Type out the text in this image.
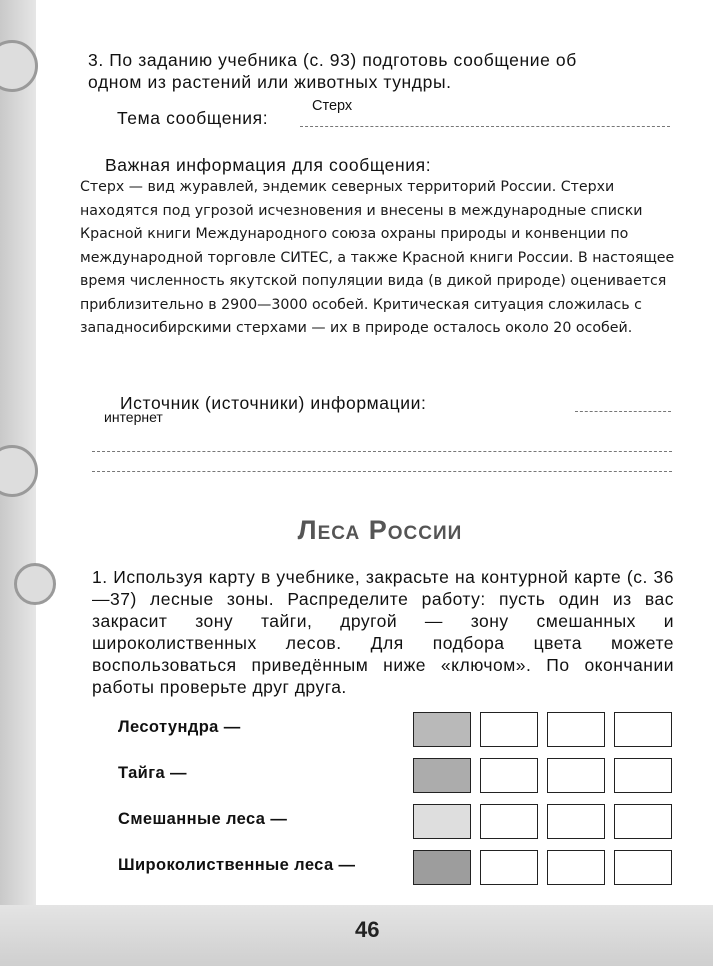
3. По заданию учебника (с. 93) подготовь сообщение об
одном из растений или животных тундры.
Тема сообщения:
Стерх
Важная информация для сообщения:
Стерх — вид журавлей, эндемик северных территорий России. Стерхи
находятся под угрозой исчезновения и внесены в международные списки
Красной книги Международного союза охраны природы и конвенции по
международной торговле СИТЕС, а также Красной книги России. В настоящее
время численность якутской популяции вида (в дикой природе) оценивается
приблизительно в 2900—3000 особей. Критическая ситуация сложилась с
западносибирскими стерхами — их в природе осталось около 20 особей.
Источник (источники) информации:
интернет
Леса России
1. Используя карту в учебнике, закрасьте на контурной карте (с. 36—37) лесные зоны. Распределите работу: пусть один из вас закрасит зону тайги, другой — зону смешанных и широколиственных лесов. Для подбора цвета можете воспользоваться приведённым ниже «ключом». По окончании работы проверьте друг друга.
Лесотундра —
Тайга —
Смешанные леса —
Широколиственные леса —
46
